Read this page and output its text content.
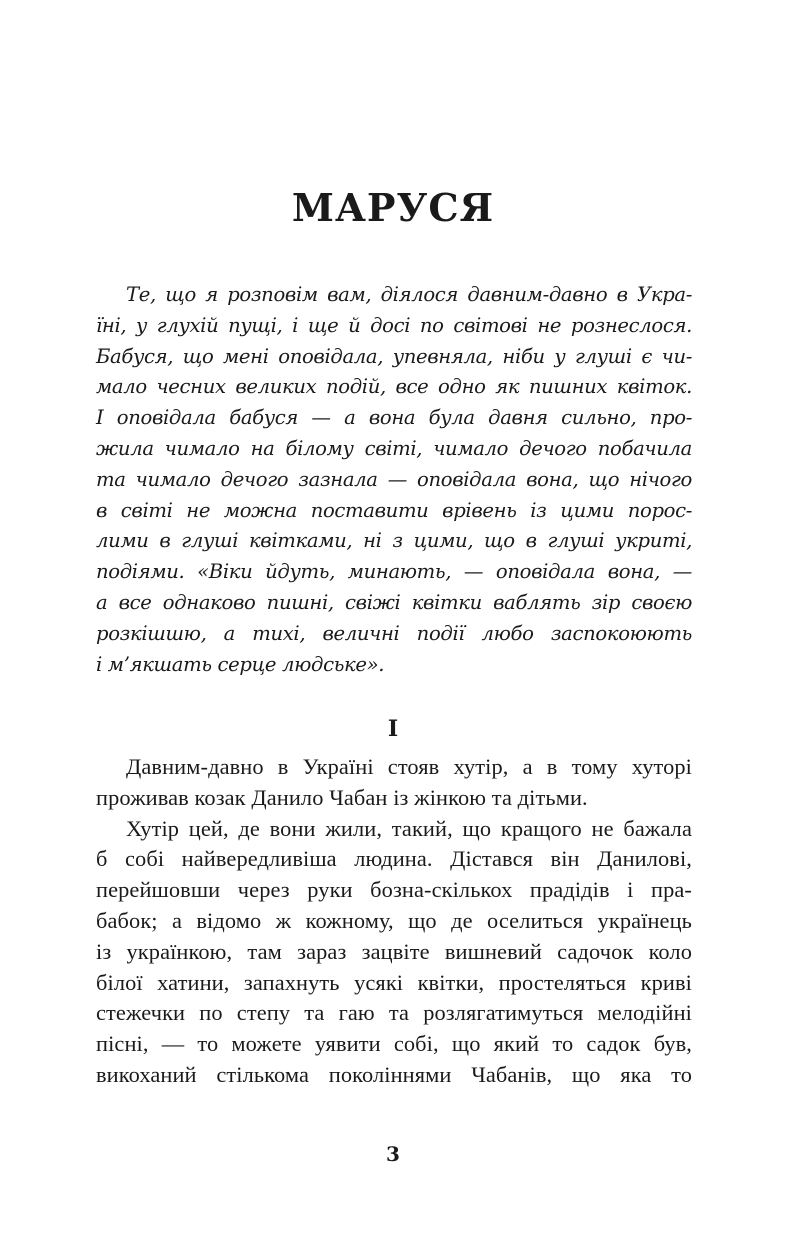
МАРУСЯ
Те, що я розповім вам, діялося давним-давно в Укра-
їні, у глухій пущі, і ще й досі по світові не рознеслося.
Бабуся, що мені оповідала, упевняла, ніби у глуші є чи-
мало чесних великих подій, все одно як пишних квіток.
І оповідала бабуся — а вона була давня сильно, про-
жила чимало на білому світі, чимало дечого побачила
та чимало дечого зазнала — оповідала вона, що нічого
в світі не можна поставити врівень із цими порос-
лими в глуші квітками, ні з цими, що в глуші укриті,
подіями. «Віки йдуть, минають, — оповідала вона, —
а все однаково пишні, свіжі квітки ваблять зір своєю
розкішшю, а тихі, величні події любо заспокоюють
і м’якшать серце людське».
I
Давним-давно в Україні стояв хутір, а в тому хуторі
проживав козак Данило Чабан із жінкою та дітьми.
Хутір цей, де вони жили, такий, що кращого не бажала
б собі найвередливіша людина. Дістався він Данилові,
перейшовши через руки бозна-скількох прадідів і пра-
бабок; а відомо ж кожному, що де оселиться українець
із українкою, там зараз зацвіте вишневий садочок коло
білої хатини, запахнуть усякі квітки, простеляться криві
стежечки по степу та гаю та розлягатимуться мелодійні
пісні, — то можете уявити собі, що який то садок був,
викоханий стількома поколіннями Чабанів, що яка то
3
